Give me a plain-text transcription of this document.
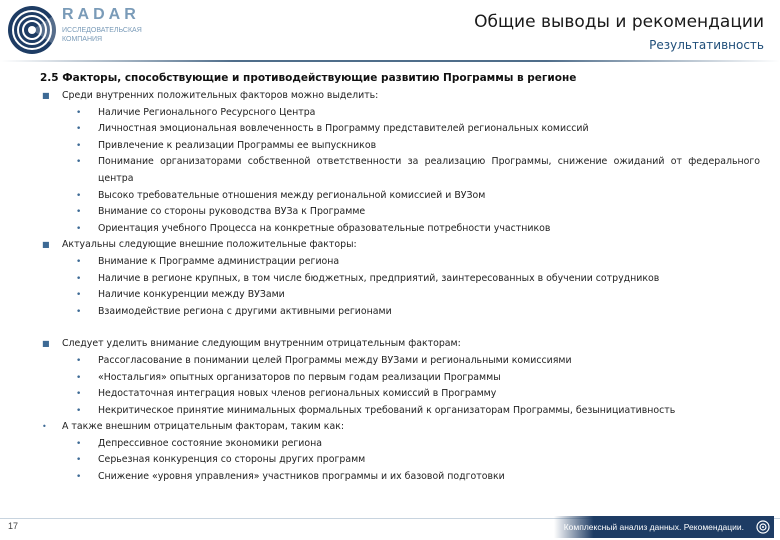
RADAR
ИССЛЕДОВАТЕЛЬСКАЯ КОМПАНИЯ
Общие выводы и рекомендации
Результативность
2.5 Факторы, способствующие и противодействующие развитию Программы в регионе
■ Среди внутренних положительных факторов можно выделить:
• Наличие Регионального Ресурсного Центра
• Личностная эмоциональная вовлеченность в Программу представителей региональных комиссий
• Привлечение к реализации Программы ее выпускников
• Понимание организаторами собственной ответственности за реализацию Программы, снижение ожиданий от федерального центра
• Высоко требовательные отношения между региональной комиссией и ВУЗом
• Внимание со стороны руководства ВУЗа к Программе
• Ориентация учебного Процесса на конкретные образовательные потребности участников
■ Актуальны следующие внешние положительные факторы:
• Внимание к Программе администрации региона
• Наличие в регионе крупных, в том числе бюджетных, предприятий, заинтересованных в обучении сотрудников
• Наличие конкуренции между ВУЗами
• Взаимодействие региона с другими активными регионами
■ Следует уделить внимание следующим внутренним отрицательным факторам:
• Рассогласование в понимании целей Программы между ВУЗами и региональными комиссиями
• «Ностальгия» опытных организаторов по первым годам реализации Программы
• Недостаточная интеграция новых членов региональных комиссий в Программу
• Некритическое принятие минимальных формальных требований к организаторам Программы, безынициативность
• А также внешним отрицательным факторам, таким как:
• Депрессивное состояние экономики региона
• Серьезная конкуренция со стороны других программ
• Снижение «уровня управления» участников программы и их базовой подготовки
17	Комплексный анализ данных. Рекомендации.
